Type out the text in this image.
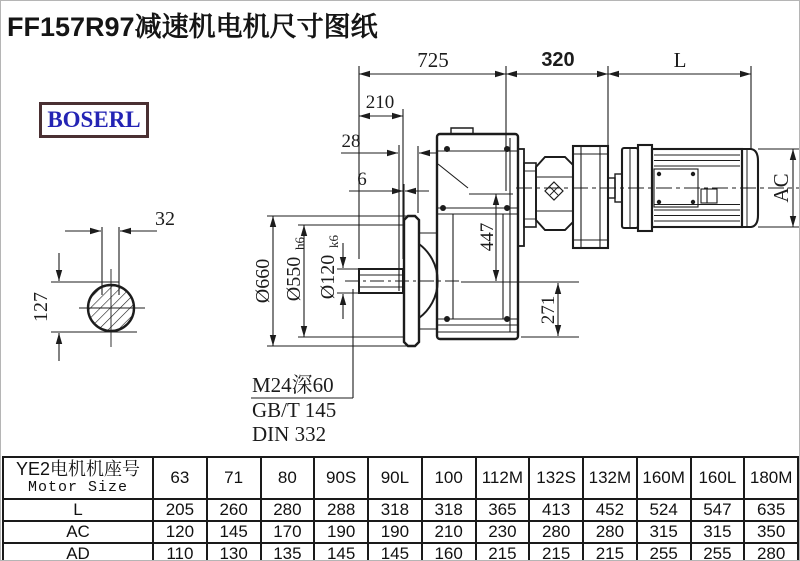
FF157R97减速机电机尺寸图纸
BOSERL
32
127
725	320	L
210
28
6
Ø660 Ø550
h6
Ø120
k6	447
271
AC
M24深60
GB/T 145
DIN 332
YE2电机机座号
Motor Size	63	71	80	90S	90L	100	112M	132S	132M	160M	160L	180M
L	205	260	280	288	318	318	365	413	452	524	547	635
AC	120	145	170	190	190	210	230	280	280	315	315	350
AD	110	130	135	145	145	160	215	215	215	255	255	280
